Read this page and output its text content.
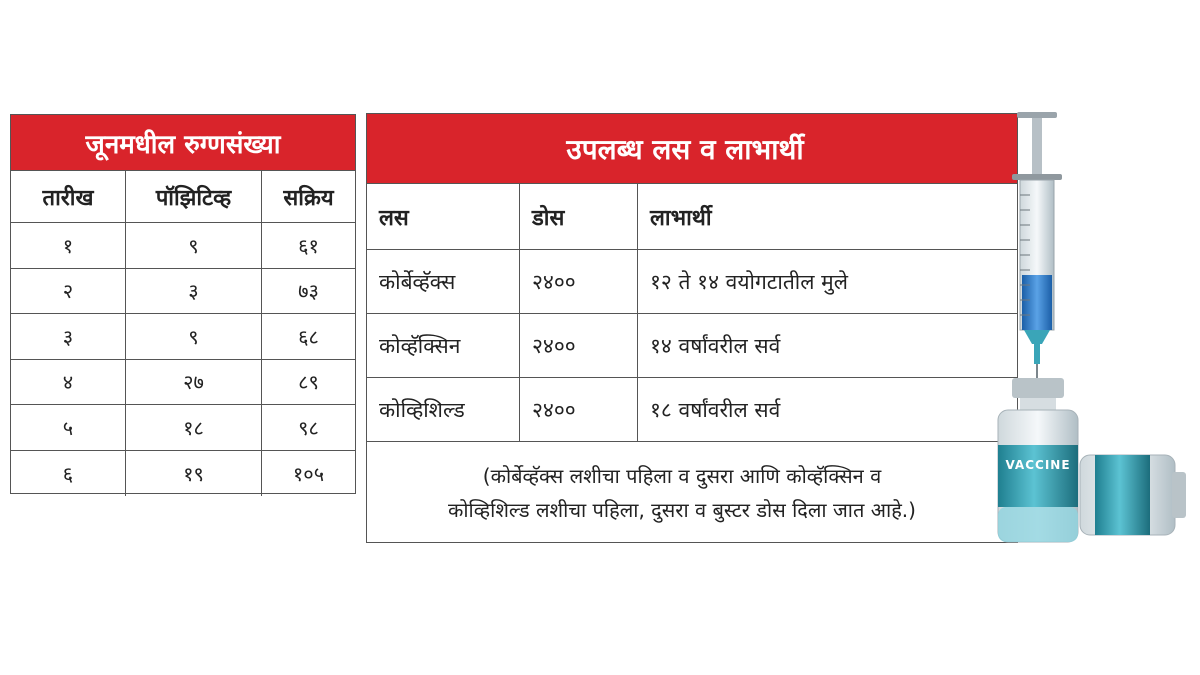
जूनमधील रुग्णसंख्या
तारीख	पॉझिटिव्ह	सक्रिय
१	९	६१
२	३	७३
३	९	६८
४	२७	८९
५	१८	९८
६	१९	१०५
उपलब्ध लस व लाभार्थी
लस	डोस	लाभार्थी
कोर्बेव्हॅक्स	२४००	१२ ते १४ वयोगटातील मुले
कोव्हॅक्सिन	२४००	१४ वर्षांवरील सर्व
कोव्हिशिल्ड	२४००	१८ वर्षांवरील सर्व
(कोर्बेव्हॅक्स लशीचा पहिला व दुसरा आणि कोव्हॅक्सिन व
कोव्हिशिल्ड लशीचा पहिला, दुसरा व बुस्टर डोस दिला जात आहे.)
VACCINE
